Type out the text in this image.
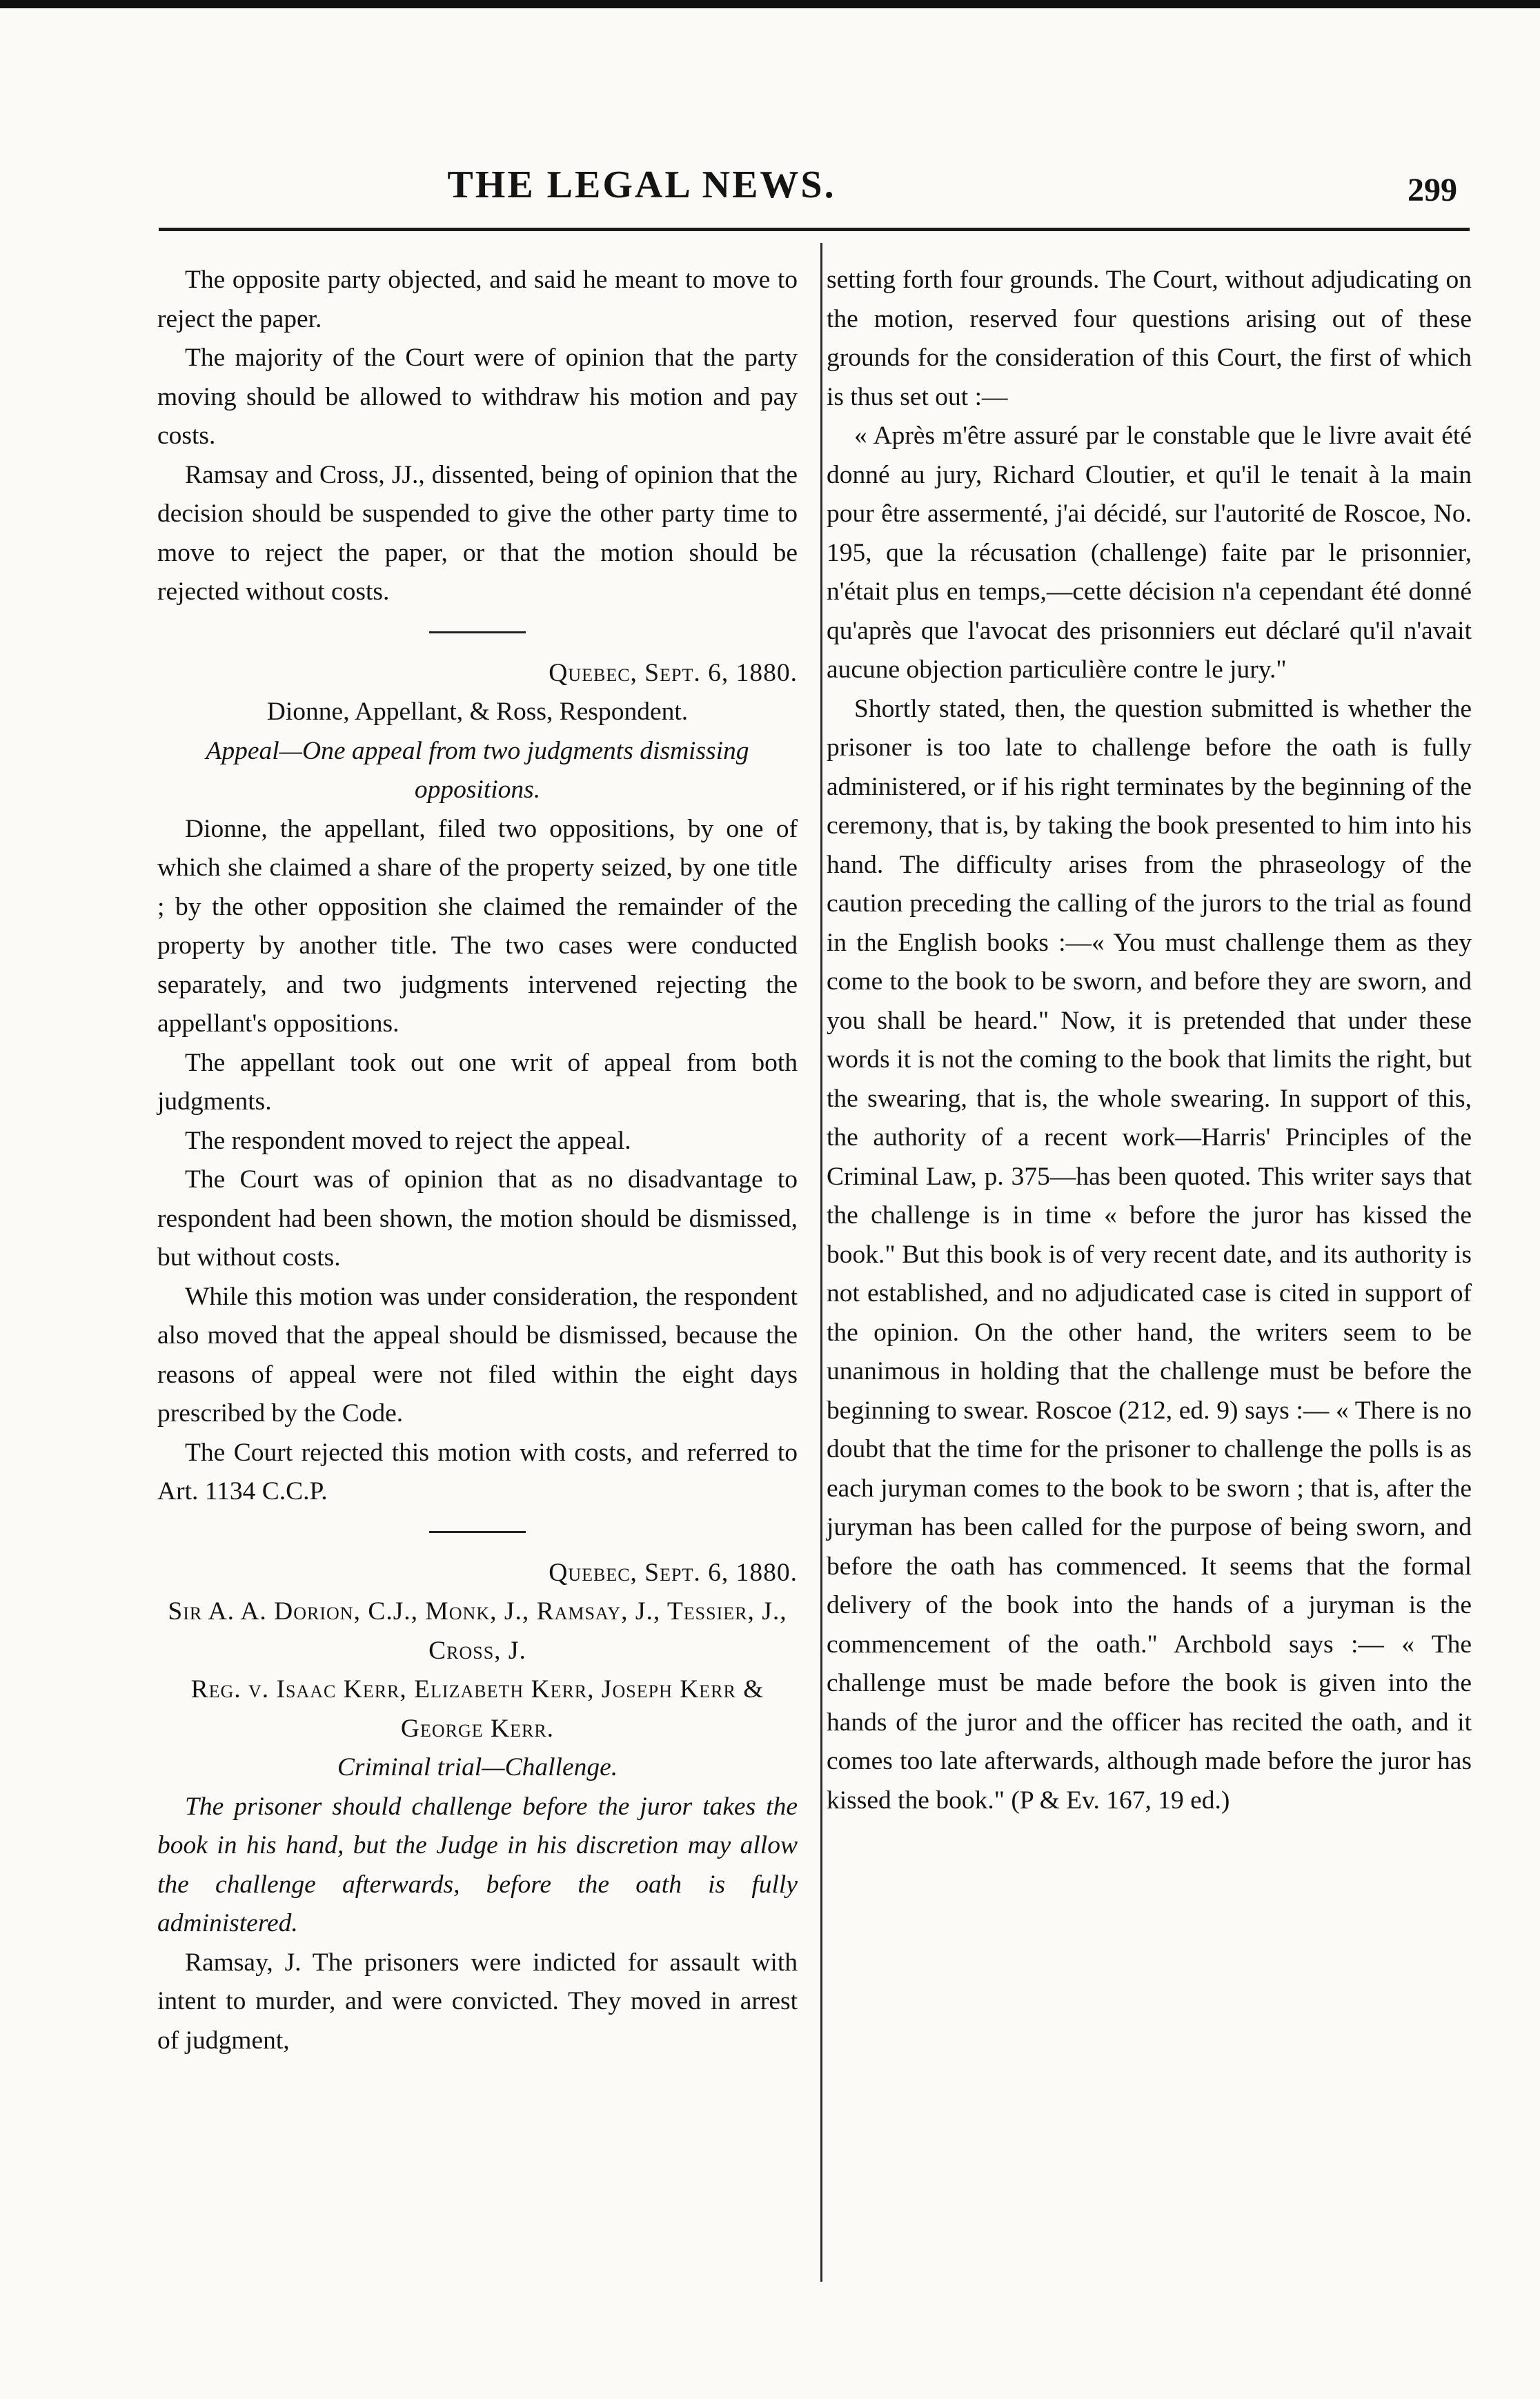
THE LEGAL NEWS.	299

The opposite party objected, and said he meant to move to reject the paper.

The majority of the Court were of opinion that the party moving should be allowed to withdraw his motion and pay costs.

Ramsay and Cross, JJ., dissented, being of opinion that the decision should be suspended to give the other party time to move to reject the paper, or that the motion should be rejected without costs.

Quebec, Sept. 6, 1880.

Dionne, Appellant, & Ross, Respondent.

Appeal—One appeal from two judgments dismissing oppositions.

Dionne, the appellant, filed two oppositions, by one of which she claimed a share of the property seized, by one title ; by the other opposition she claimed the remainder of the property by another title. The two cases were conducted separately, and two judgments intervened rejecting the appellant's oppositions.

The appellant took out one writ of appeal from both judgments.

The respondent moved to reject the appeal.

The Court was of opinion that as no disadvantage to respondent had been shown, the motion should be dismissed, but without costs.

While this motion was under consideration, the respondent also moved that the appeal should be dismissed, because the reasons of appeal were not filed within the eight days prescribed by the Code.

The Court rejected this motion with costs, and referred to Art. 1134 C.C.P.

Quebec, Sept. 6, 1880.

Sir A. A. Dorion, C.J., Monk, J., Ramsay, J., Tessier, J., Cross, J.

Reg. v. Isaac Kerr, Elizabeth Kerr, Joseph Kerr & George Kerr.

Criminal trial—Challenge.

The prisoner should challenge before the juror takes the book in his hand, but the Judge in his discretion may allow the challenge afterwards, before the oath is fully administered.

Ramsay, J. The prisoners were indicted for assault with intent to murder, and were convicted. They moved in arrest of judgment,

setting forth four grounds. The Court, without adjudicating on the motion, reserved four questions arising out of these grounds for the consideration of this Court, the first of which is thus set out :—

« Après m'être assuré par le constable que le livre avait été donné au jury, Richard Cloutier, et qu'il le tenait à la main pour être assermenté, j'ai décidé, sur l'autorité de Roscoe, No. 195, que la récusation (challenge) faite par le prisonnier, n'était plus en temps,—cette décision n'a cependant été donné qu'après que l'avocat des prisonniers eut déclaré qu'il n'avait aucune objection particulière contre le jury."

Shortly stated, then, the question submitted is whether the prisoner is too late to challenge before the oath is fully administered, or if his right terminates by the beginning of the ceremony, that is, by taking the book presented to him into his hand. The difficulty arises from the phraseology of the caution preceding the calling of the jurors to the trial as found in the English books :—« You must challenge them as they come to the book to be sworn, and before they are sworn, and you shall be heard." Now, it is pretended that under these words it is not the coming to the book that limits the right, but the swearing, that is, the whole swearing. In support of this, the authority of a recent work—Harris' Principles of the Criminal Law, p. 375—has been quoted. This writer says that the challenge is in time « before the juror has kissed the book." But this book is of very recent date, and its authority is not established, and no adjudicated case is cited in support of the opinion. On the other hand, the writers seem to be unanimous in holding that the challenge must be before the beginning to swear. Roscoe (212, ed. 9) says :— « There is no doubt that the time for the prisoner to challenge the polls is as each juryman comes to the book to be sworn ; that is, after the juryman has been called for the purpose of being sworn, and before the oath has commenced. It seems that the formal delivery of the book into the hands of a juryman is the commencement of the oath." Archbold says :— « The challenge must be made before the book is given into the hands of the juror and the officer has recited the oath, and it comes too late afterwards, although made before the juror has kissed the book." (P & Ev. 167, 19 ed.)
